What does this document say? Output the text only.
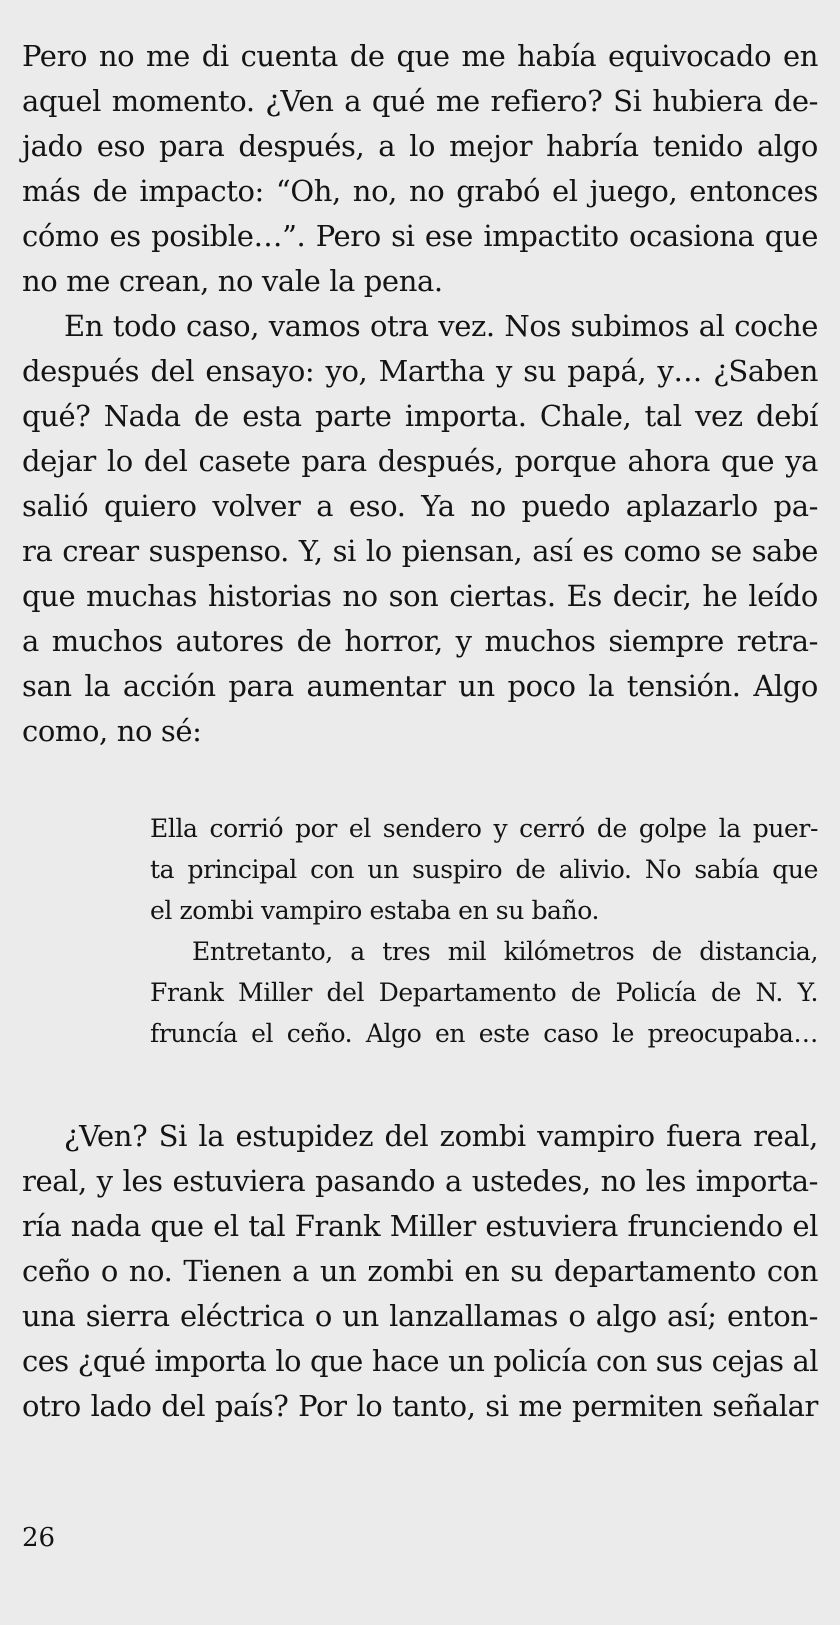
Pero no me di cuenta de que me había equivocado en
aquel momento. ¿Ven a qué me refiero? Si hubiera de-
jado eso para después, a lo mejor habría tenido algo
más de impacto: “Oh, no, no grabó el juego, entonces
cómo es posible…”. Pero si ese impactito ocasiona que
no me crean, no vale la pena.
En todo caso, vamos otra vez. Nos subimos al coche
después del ensayo: yo, Martha y su papá, y… ¿Saben
qué? Nada de esta parte importa. Chale, tal vez debí
dejar lo del casete para después, porque ahora que ya
salió quiero volver a eso. Ya no puedo aplazarlo pa-
ra crear suspenso. Y, si lo piensan, así es como se sabe
que muchas historias no son ciertas. Es decir, he leído
a muchos autores de horror, y muchos siempre retra-
san la acción para aumentar un poco la tensión. Algo
como, no sé:
Ella corrió por el sendero y cerró de golpe la puer-
ta principal con un suspiro de alivio. No sabía que
el zombi vampiro estaba en su baño.
Entretanto, a tres mil kilómetros de distancia,
Frank Miller del Departamento de Policía de N. Y.
fruncía el ceño. Algo en este caso le preocupaba…
¿Ven? Si la estupidez del zombi vampiro fuera real,
real, y les estuviera pasando a ustedes, no les importa-
ría nada que el tal Frank Miller estuviera frunciendo el
ceño o no. Tienen a un zombi en su departamento con
una sierra eléctrica o un lanzallamas o algo así; enton-
ces ¿qué importa lo que hace un policía con sus cejas al
otro lado del país? Por lo tanto, si me permiten señalar
26
